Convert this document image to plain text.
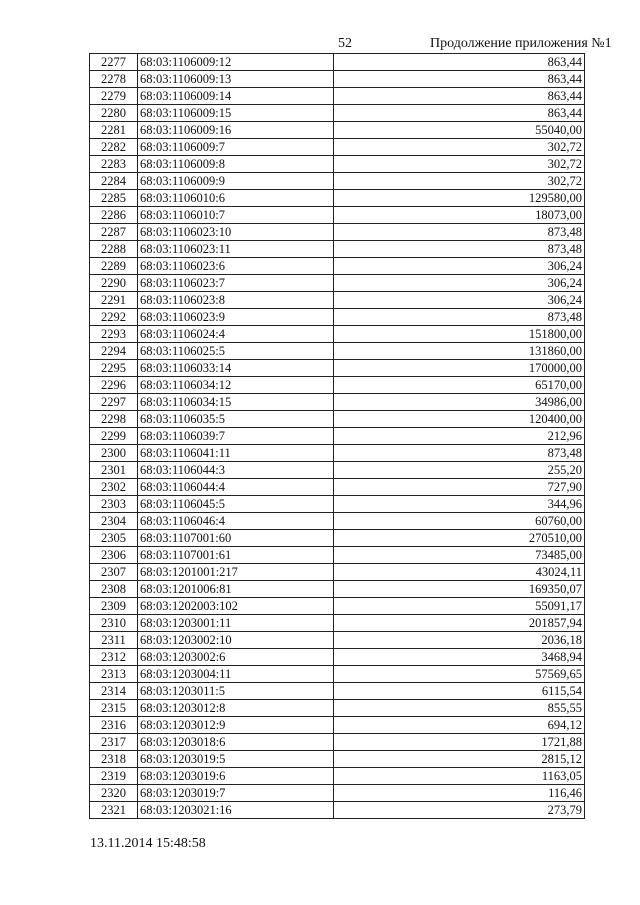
52	Продолжение приложения №1
2277	68:03:1106009:12	863,44
2278	68:03:1106009:13	863,44
2279	68:03:1106009:14	863,44
2280	68:03:1106009:15	863,44
2281	68:03:1106009:16	55040,00
2282	68:03:1106009:7	302,72
2283	68:03:1106009:8	302,72
2284	68:03:1106009:9	302,72
2285	68:03:1106010:6	129580,00
2286	68:03:1106010:7	18073,00
2287	68:03:1106023:10	873,48
2288	68:03:1106023:11	873,48
2289	68:03:1106023:6	306,24
2290	68:03:1106023:7	306,24
2291	68:03:1106023:8	306,24
2292	68:03:1106023:9	873,48
2293	68:03:1106024:4	151800,00
2294	68:03:1106025:5	131860,00
2295	68:03:1106033:14	170000,00
2296	68:03:1106034:12	65170,00
2297	68:03:1106034:15	34986,00
2298	68:03:1106035:5	120400,00
2299	68:03:1106039:7	212,96
2300	68:03:1106041:11	873,48
2301	68:03:1106044:3	255,20
2302	68:03:1106044:4	727,90
2303	68:03:1106045:5	344,96
2304	68:03:1106046:4	60760,00
2305	68:03:1107001:60	270510,00
2306	68:03:1107001:61	73485,00
2307	68:03:1201001:217	43024,11
2308	68:03:1201006:81	169350,07
2309	68:03:1202003:102	55091,17
2310	68:03:1203001:11	201857,94
2311	68:03:1203002:10	2036,18
2312	68:03:1203002:6	3468,94
2313	68:03:1203004:11	57569,65
2314	68:03:1203011:5	6115,54
2315	68:03:1203012:8	855,55
2316	68:03:1203012:9	694,12
2317	68:03:1203018:6	1721,88
2318	68:03:1203019:5	2815,12
2319	68:03:1203019:6	1163,05
2320	68:03:1203019:7	116,46
2321	68:03:1203021:16	273,79
13.11.2014 15:48:58
